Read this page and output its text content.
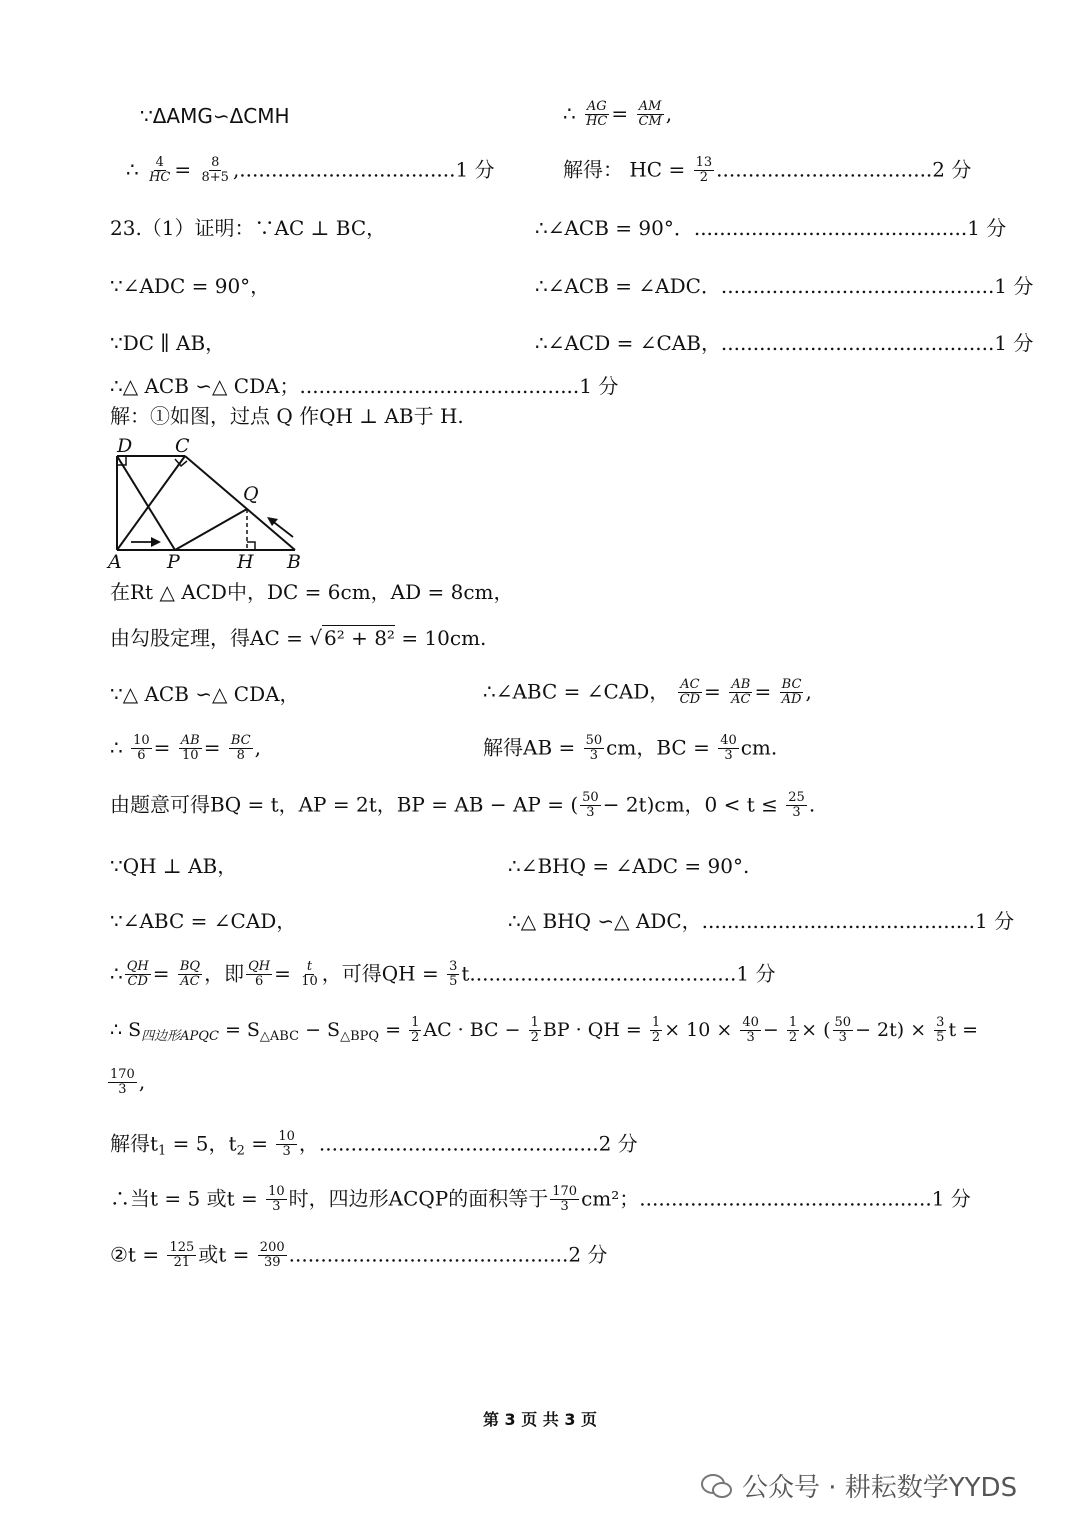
∵ΔAMG∽ΔCMH	∴ $\frac{AG}{HC} = \frac{AM}{CM}$ ,
∴ $\frac{4}{HC} = \frac{8}{8+5} ,..................................1$ 分	解得： HC = $\frac{13}{2} ..................................2$ 分
23.（1）证明：∵AC ⊥ BC，	∴∠ACB = 90°．...........................................1 分
∵∠ADC = 90°，	∴∠ACB = ∠ADC．...........................................1 分
∵DC ∥ AB，	∴∠ACD = ∠CAB，...........................................1 分
∴△ ACB ∽△ CDA；............................................1 分
解：①如图，过点 Q 作QH ⊥ AB于 H.
D C
Q
A P	H B
在Rt △ ACD中，DC = 6cm，AD = 8cm，
由勾股定理，得AC = √ 6² + 8² = 10cm.
∵△ ACB ∽△ CDA，	∴∠ABC = ∠CAD， $\frac{AC}{CD} = \frac{AB}{AC} = \frac{BC}{AD}$ ,
∴ $\frac{10}{6} = \frac{AB}{10} = \frac{BC}{8}$ ,	解得AB = $\frac{50}{3}$ cm，BC = $\frac{40}{3}$ cm.
由题意可得BQ = t，AP = 2t，BP = AB − AP = ( $\frac{50}{3} - 2t)cm$，$0 < t \le \frac{25}{3}$ .
∵QH ⊥ AB，	∴∠BHQ = ∠ADC = 90°.
∵∠ABC = ∠CAD，	∴△ BHQ ∽△ ADC，...........................................1 分
∴ $\frac{QH}{CD} = \frac{BQ}{AC}$ ，即 $\frac{QH}{6} = \frac{t}{10}$ ，可得QH = $\frac{3}{5} t..........................................1$ 分
∴ $S_{四边形APQC} = S_{\triangle ABC} - S_{\triangle BPQ} = \frac{1}{2}$ AC · BC − $\frac{1}{2}$ BP · QH = $\frac{1}{2} \times 10 \times \frac{40}{3} - \frac{1}{2}$ × ( $\frac{50}{3} - 2t) \times \frac{3}{5}$ t =
$\frac{170}{3}$ ,
解得$t_1 = 5$，$t_2 = \frac{10}{3}$ ，............................................2 分
∴当t = 5 或$t = \frac{10}{3}$ 时，四边形ACQP的面积等于 $\frac{170}{3} cm^2$；..............................................1 分
②t = $\frac{125}{21}$ 或$t = \frac{200}{39} ............................................2$ 分
第 3 页 共 3 页
公众号 · 耕耘数学YYDS
